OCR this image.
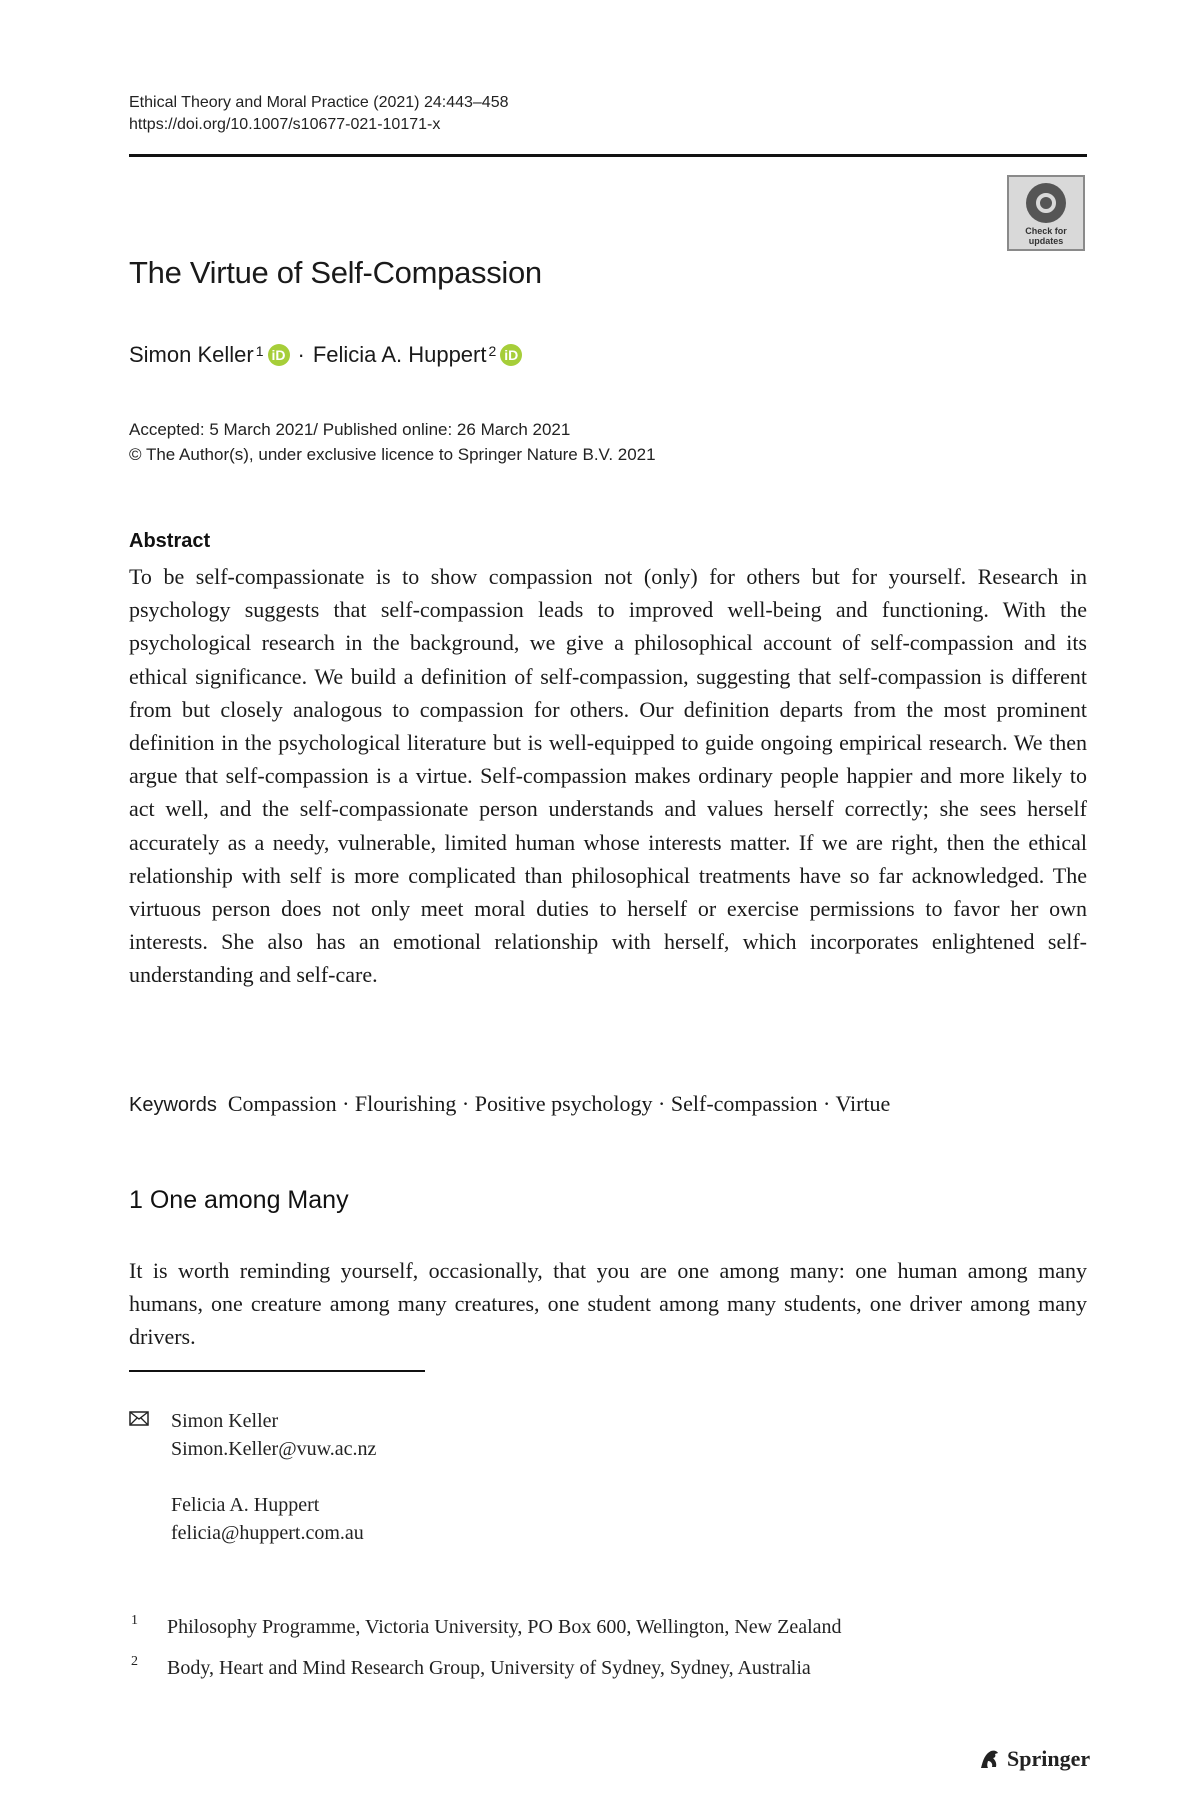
Ethical Theory and Moral Practice (2021) 24:443–458
https://doi.org/10.1007/s10677-021-10171-x
Check for
updates
The Virtue of Self-Compassion
Simon Keller$^1$ iD · Felicia A. Huppert$^2$ iD
Accepted: 5 March 2021/ Published online: 26 March 2021
© The Author(s), under exclusive licence to Springer Nature B.V. 2021
Abstract
To be self-compassionate is to show compassion not (only) for others but for yourself. Research in psychology suggests that self-compassion leads to improved well-being and functioning. With the psychological research in the background, we give a philosophical account of self-compassion and its ethical significance. We build a definition of self-compassion, suggesting that self-compassion is different from but closely analogous to compassion for others. Our definition departs from the most prominent definition in the psychological literature but is well-equipped to guide ongoing empirical research. We then argue that self-compassion is a virtue. Self-compassion makes ordinary people happier and more likely to act well, and the self-compassionate person understands and values herself correctly; she sees herself accurately as a needy, vulnerable, limited human whose interests matter. If we are right, then the ethical relationship with self is more complicated than philosophical treatments have so far acknowledged. The virtuous person does not only meet moral duties to herself or exercise permissions to favor her own interests. She also has an emotional relationship with herself, which incorporates enlightened self-understanding and self-care.
Keywords Compassion · Flourishing · Positive psychology · Self-compassion · Virtue
1 One among Many
It is worth reminding yourself, occasionally, that you are one among many: one human among many humans, one creature among many creatures, one student among many students, one driver among many drivers.
Simon Keller
Simon.Keller@vuw.ac.nz
Felicia A. Huppert
felicia@huppert.com.au
1 Philosophy Programme, Victoria University, PO Box 600, Wellington, New Zealand
2 Body, Heart and Mind Research Group, University of Sydney, Sydney, Australia
Springer
